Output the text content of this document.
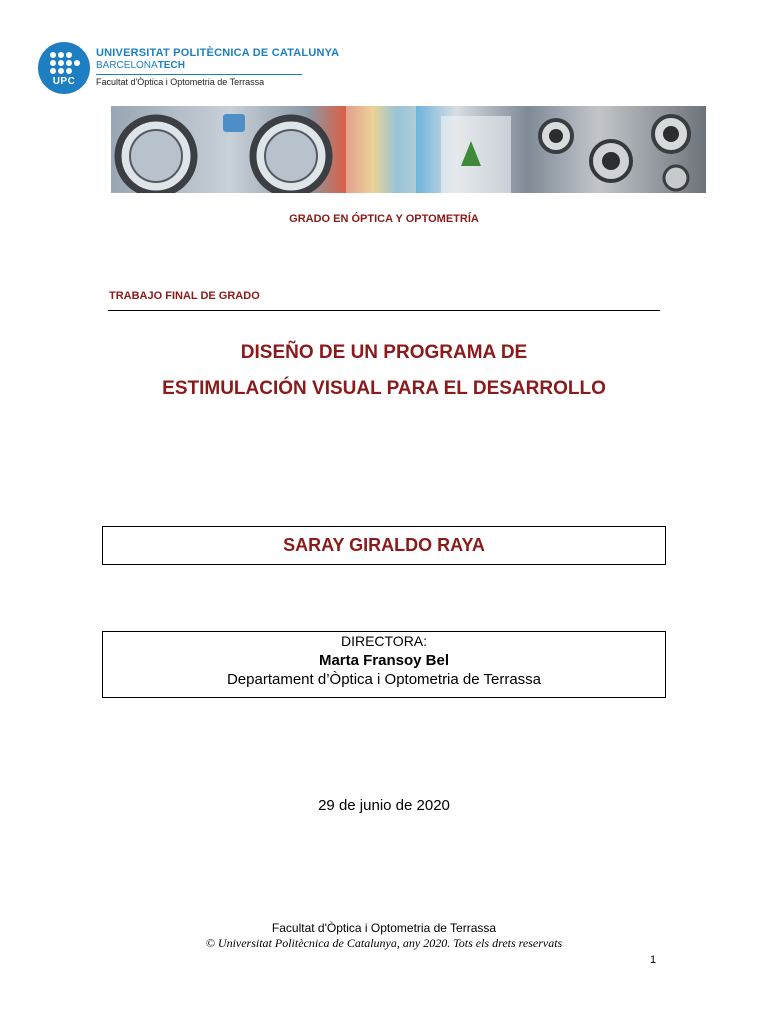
UPC
UNIVERSITAT POLITÈCNICA DE CATALUNYA
BARCELONATECH
Facultat d'Òptica i Optometria de Terrassa
GRADO EN ÓPTICA Y OPTOMETRÍA
TRABAJO FINAL DE GRADO
DISEÑO DE UN PROGRAMA DE
ESTIMULACIÓN VISUAL PARA EL DESARROLLO
SARAY GIRALDO RAYA
DIRECTORA:
Marta Fransoy Bel
Departament d’Òptica i Optometria de Terrassa
29 de junio de 2020
Facultat d'Òptica i Optometria de Terrassa
© Universitat Politècnica de Catalunya, any 2020. Tots els drets reservats
1
